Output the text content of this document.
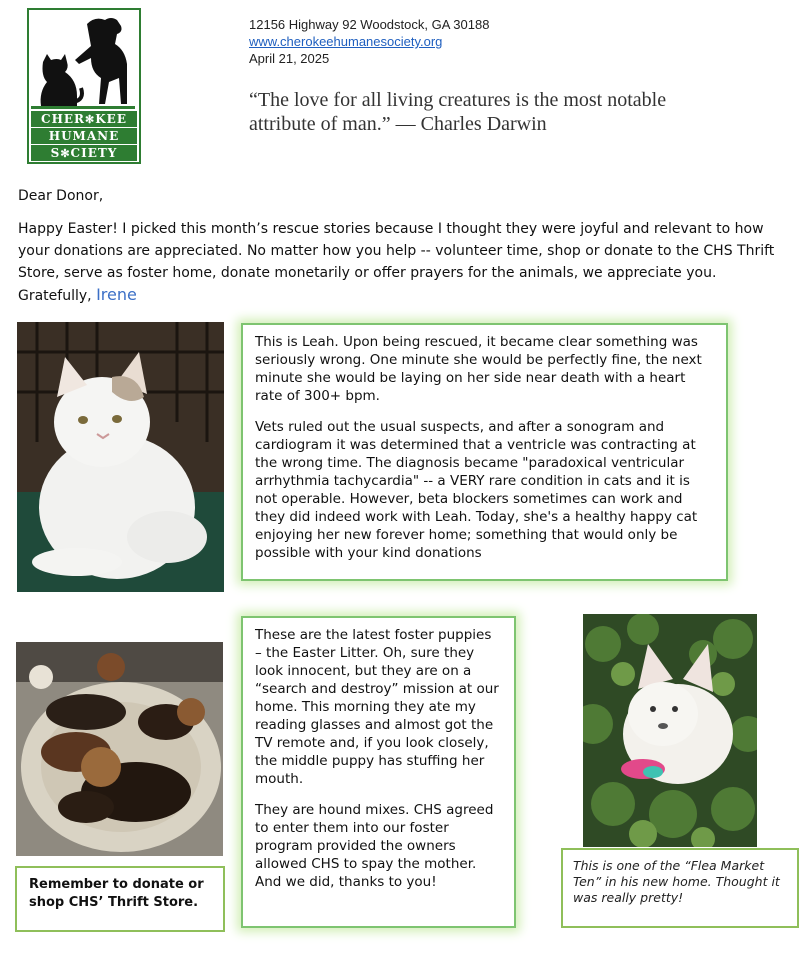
CHER✻KEE
HUMANE
S✻CIETY
12156 Highway 92 Woodstock, GA 30188
www.cherokeehumanesociety.org
April 21, 2025
“The love for all living creatures is the most notable attribute of man.” — Charles Darwin
Dear Donor,
Happy Easter! I picked this month’s rescue stories because I thought they were joyful and relevant to how your donations are appreciated. No matter how you help -- volunteer time, shop or donate to the CHS Thrift Store, serve as foster home, donate monetarily or offer prayers for the animals, we appreciate you. Gratefully, Irene

This is Leah. Upon being rescued, it became clear something was seriously wrong. One minute she would be perfectly fine, the next minute she would be laying on her side near death with a heart rate of 300+ bpm.

Vets ruled out the usual suspects, and after a sonogram and cardiogram it was determined that a ventricle was contracting at the wrong time. The diagnosis became "paradoxical ventricular arrhythmia tachycardia" -- a VERY rare condition in cats and it is not operable. However, beta blockers sometimes can work and they did indeed work with Leah. Today, she's a healthy happy cat enjoying her new forever home; something that would only be possible with your kind donations

These are the latest foster puppies – the Easter Litter. Oh, sure they look innocent, but they are on a “search and destroy” mission at our home. This morning they ate my reading glasses and almost got the TV remote and, if you look closely, the middle puppy has stuffing her mouth.

They are hound mixes. CHS agreed to enter them into our foster program provided the owners allowed CHS to spay the mother. And we did, thanks to you!

Remember to donate or shop CHS’ Thrift Store.
This is one of the “Flea Market Ten” in his new home. Thought it was really pretty!
